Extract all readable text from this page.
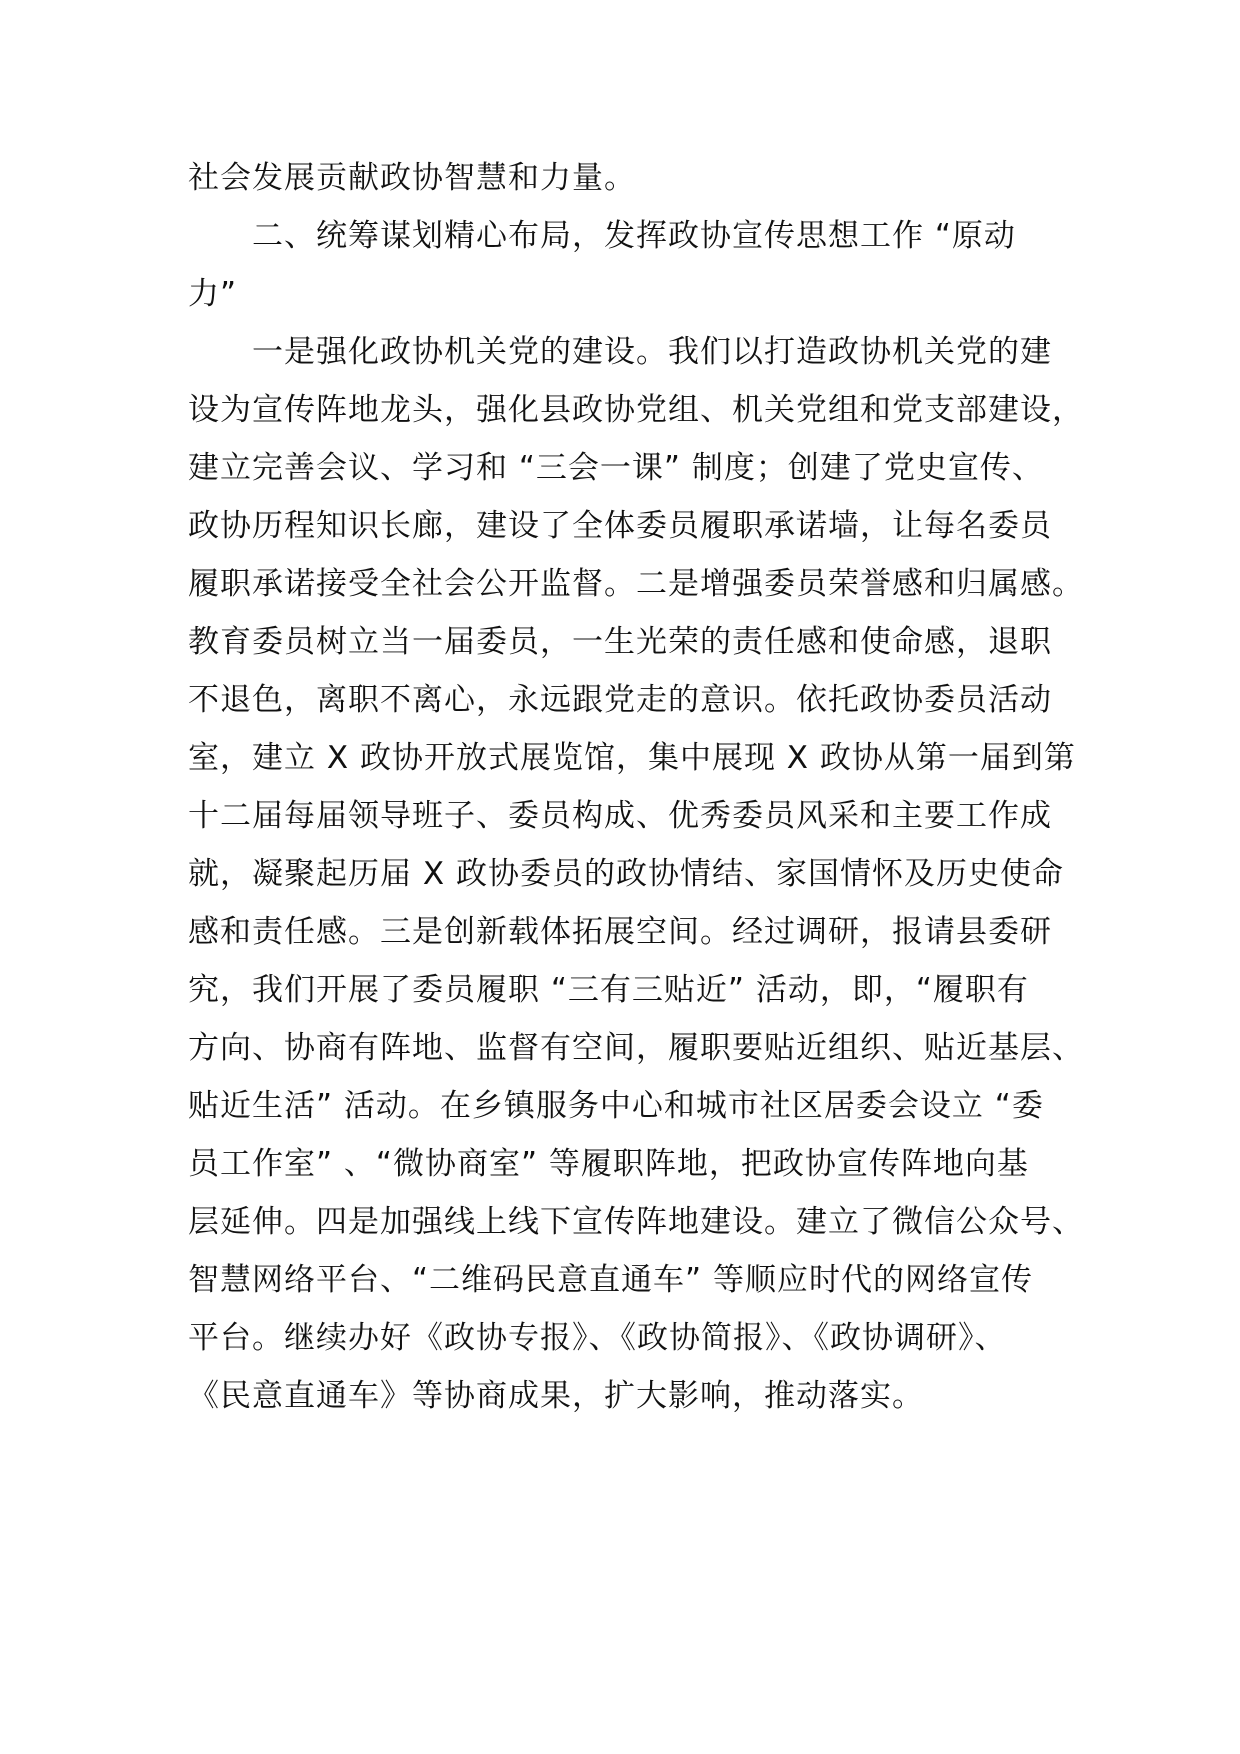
社会发展贡献政协智慧和力量。
二、统筹谋划精心布局，发挥政协宣传思想工作 “原动
力”
一是强化政协机关党的建设。我们以打造政协机关党的建
设为宣传阵地龙头，强化县政协党组、机关党组和党支部建设，
建立完善会议、学习和 “三会一课” 制度；创建了党史宣传、
政协历程知识长廊，建设了全体委员履职承诺墙，让每名委员
履职承诺接受全社会公开监督。二是增强委员荣誉感和归属感。
教育委员树立当一届委员，一生光荣的责任感和使命感，退职
不退色，离职不离心，永远跟党走的意识。依托政协委员活动
室，建立 X 政协开放式展览馆，集中展现 X 政协从第一届到第
十二届每届领导班子、委员构成、优秀委员风采和主要工作成
就，凝聚起历届 X 政协委员的政协情结、家国情怀及历史使命
感和责任感。三是创新载体拓展空间。经过调研，报请县委研
究，我们开展了委员履职 “三有三贴近” 活动，即，“履职有
方向、协商有阵地、监督有空间，履职要贴近组织、贴近基层、
贴近生活” 活动。在乡镇服务中心和城市社区居委会设立 “委
员工作室” 、“微协商室” 等履职阵地，把政协宣传阵地向基
层延伸。四是加强线上线下宣传阵地建设。建立了微信公众号、
智慧网络平台、“二维码民意直通车” 等顺应时代的网络宣传
平台。继续办好《政协专报》、《政协简报》、《政协调研》、
《民意直通车》等协商成果，扩大影响，推动落实。
